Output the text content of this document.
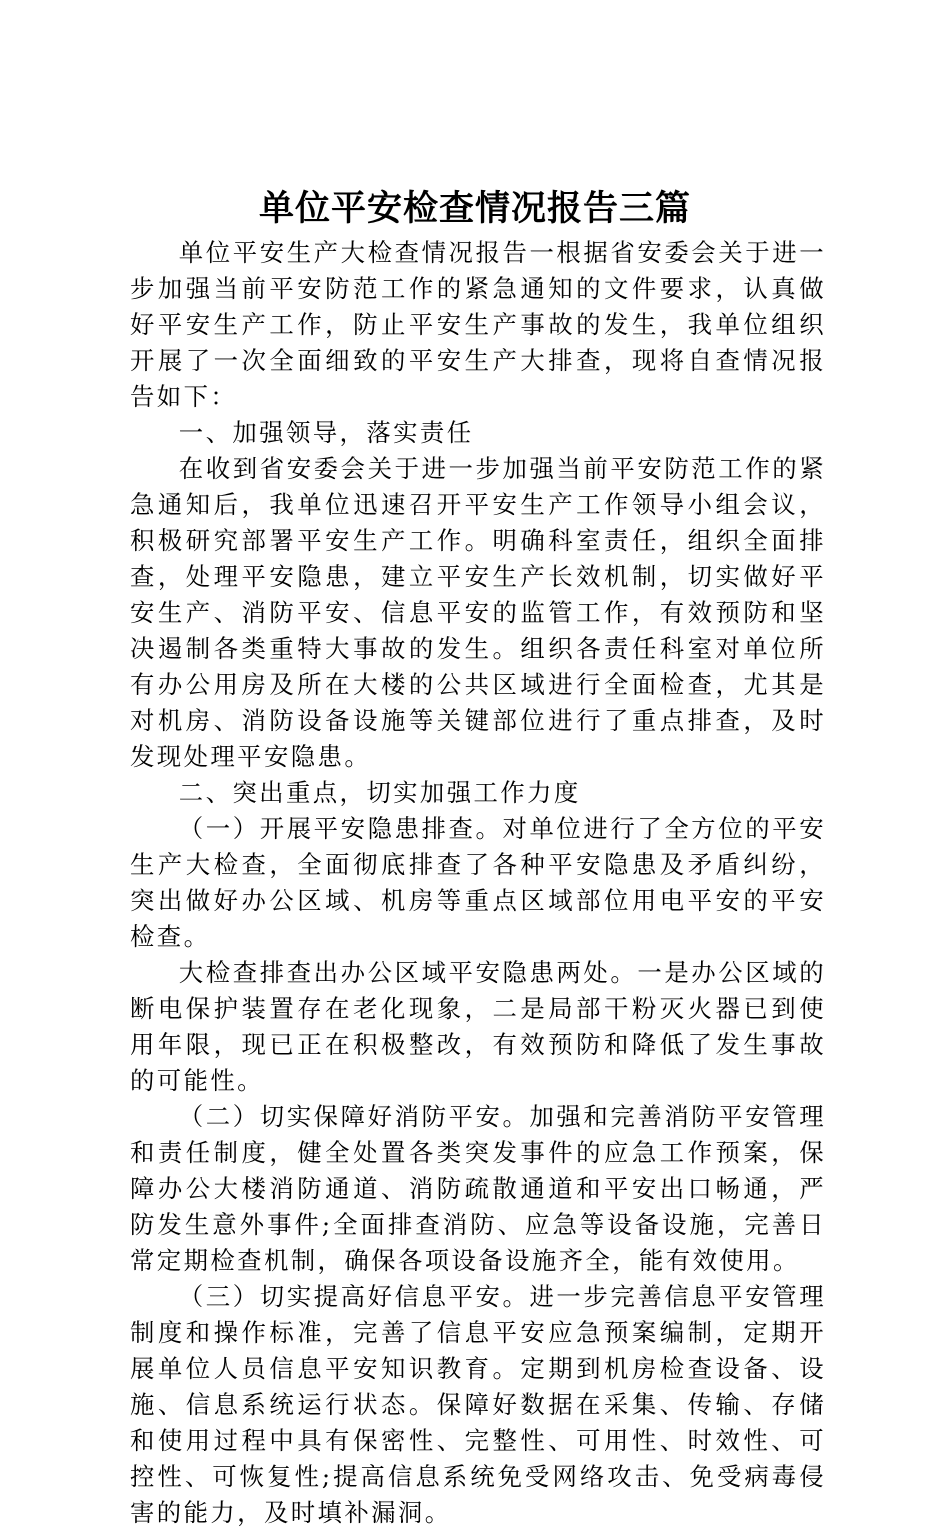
单位平安检查情况报告三篇

单位平安生产大检查情况报告一根据省安委会关于进一步加强当前平安防范工作的紧急通知的文件要求，认真做好平安生产工作，防止平安生产事故的发生，我单位组织开展了一次全面细致的平安生产大排查，现将自查情况报告如下：

一、加强领导，落实责任

在收到省安委会关于进一步加强当前平安防范工作的紧急通知后，我单位迅速召开平安生产工作领导小组会议，积极研究部署平安生产工作。明确科室责任，组织全面排查，处理平安隐患，建立平安生产长效机制，切实做好平安生产、消防平安、信息平安的监管工作，有效预防和坚决遏制各类重特大事故的发生。组织各责任科室对单位所有办公用房及所在大楼的公共区域进行全面检查，尤其是对机房、消防设备设施等关键部位进行了重点排查，及时发现处理平安隐患。

二、突出重点，切实加强工作力度

（一）开展平安隐患排查。对单位进行了全方位的平安生产大检查，全面彻底排查了各种平安隐患及矛盾纠纷，突出做好办公区域、机房等重点区域部位用电平安的平安检查。

大检查排查出办公区域平安隐患两处。一是办公区域的断电保护装置存在老化现象，二是局部干粉灭火器已到使用年限，现已正在积极整改，有效预防和降低了发生事故的可能性。

（二）切实保障好消防平安。加强和完善消防平安管理和责任制度，健全处置各类突发事件的应急工作预案，保障办公大楼消防通道、消防疏散通道和平安出口畅通，严防发生意外事件;全面排查消防、应急等设备设施，完善日常定期检查机制，确保各项设备设施齐全，能有效使用。

（三）切实提高好信息平安。进一步完善信息平安管理制度和操作标准，完善了信息平安应急预案编制，定期开展单位人员信息平安知识教育。定期到机房检查设备、设施、信息系统运行状态。保障好数据在采集、传输、存储和使用过程中具有保密性、完整性、可用性、时效性、可控性、可恢复性;提高信息系统免受网络攻击、免受病毒侵害的能力，及时填补漏洞。
